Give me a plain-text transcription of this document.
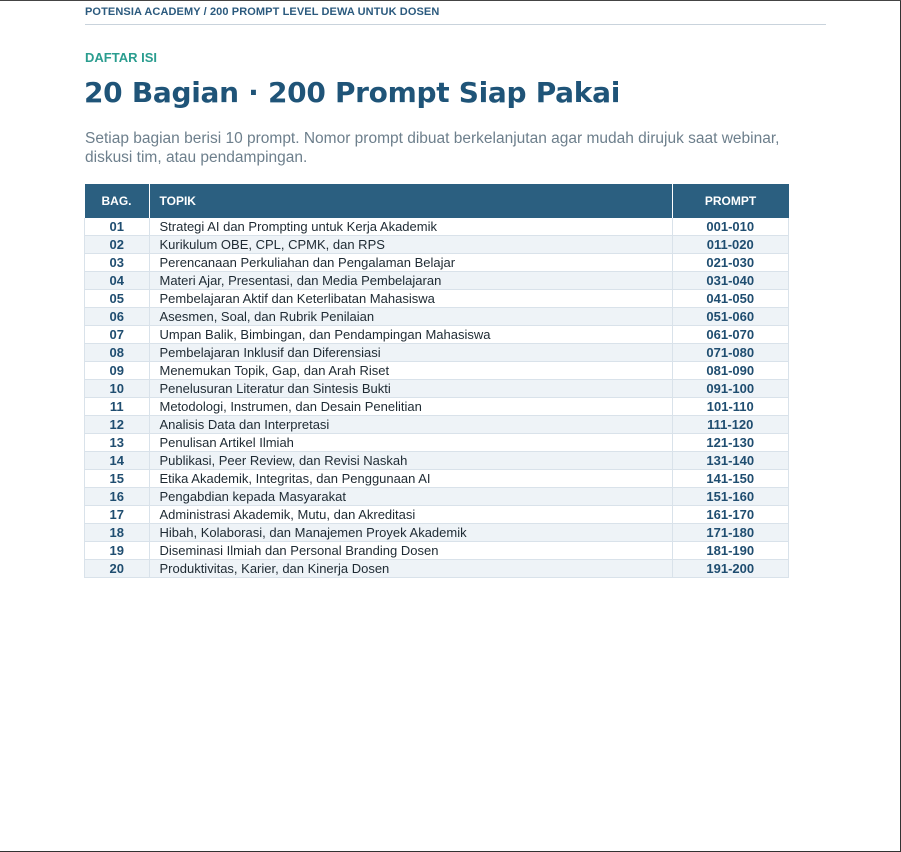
POTENSIA ACADEMY / 200 PROMPT LEVEL DEWA UNTUK DOSEN
DAFTAR ISI
20 Bagian · 200 Prompt Siap Pakai

Setiap bagian berisi 10 prompt. Nomor prompt dibuat berkelanjutan agar mudah dirujuk saat webinar, diskusi tim, atau pendampingan.

BAG.	TOPIK	PROMPT
01	Strategi AI dan Prompting untuk Kerja Akademik	001-010
02	Kurikulum OBE, CPL, CPMK, dan RPS	011-020
03	Perencanaan Perkuliahan dan Pengalaman Belajar	021-030
04	Materi Ajar, Presentasi, dan Media Pembelajaran	031-040
05	Pembelajaran Aktif dan Keterlibatan Mahasiswa	041-050
06	Asesmen, Soal, dan Rubrik Penilaian	051-060
07	Umpan Balik, Bimbingan, dan Pendampingan Mahasiswa	061-070
08	Pembelajaran Inklusif dan Diferensiasi	071-080
09	Menemukan Topik, Gap, dan Arah Riset	081-090
10	Penelusuran Literatur dan Sintesis Bukti	091-100
11	Metodologi, Instrumen, dan Desain Penelitian	101-110
12	Analisis Data dan Interpretasi	111-120
13	Penulisan Artikel Ilmiah	121-130
14	Publikasi, Peer Review, dan Revisi Naskah	131-140
15	Etika Akademik, Integritas, dan Penggunaan AI	141-150
16	Pengabdian kepada Masyarakat	151-160
17	Administrasi Akademik, Mutu, dan Akreditasi	161-170
18	Hibah, Kolaborasi, dan Manajemen Proyek Akademik	171-180
19	Diseminasi Ilmiah dan Personal Branding Dosen	181-190
20	Produktivitas, Karier, dan Kinerja Dosen	191-200
